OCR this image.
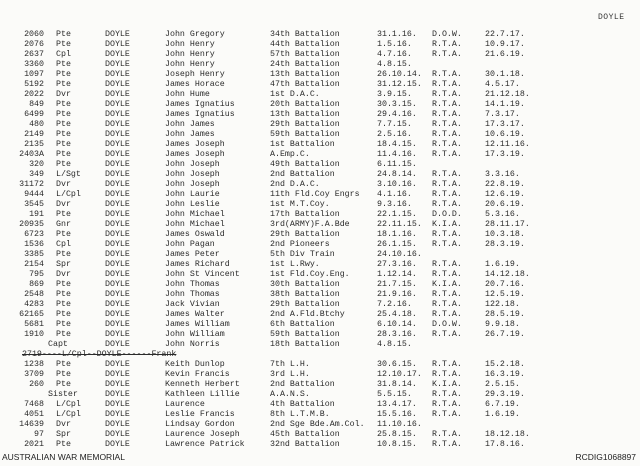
DOYLE
2060 Pte	DOYLE	John Gregory	34th Battalion	31.1.16. D.O.W.	22.7.17.
2076 Pte	DOYLE	John Henry	44th Battalion	1.5.16. R.T.A.	10.9.17.
2637 Cpl	DOYLE	John Henry	57th Battalion	4.7.16. R.T.A.	21.6.19.
3360 Pte	DOYLE	John Henry	24th Battalion	4.8.15.
1097 Pte	DOYLE	Joseph Henry	13th Battalion	26.10.14. R.T.A.	30.1.18.
5192 Pte	DOYLE	James Horace	47th Battalion	31.12.15. R.T.A.	4.5.17.
2022 Dvr	DOYLE	John Hume	1st D.A.C.	3.9.15. R.T.A.	21.12.18.
849 Pte	DOYLE	James Ignatius	20th Battalion	30.3.15. R.T.A.	14.1.19.
6499 Pte	DOYLE	James Ignatius	13th Battalion	29.4.16. R.T.A.	7.3.17.
480 Pte	DOYLE	John James	29th Battalion	7.7.15. R.T.A.	17.3.17.
2149 Pte	DOYLE	John James	59th Battalion	2.5.16. R.T.A.	10.6.19.
2135 Pte	DOYLE	James Joseph	1st Battalion	18.4.15. R.T.A.	12.11.16.
2403A Pte	DOYLE	James Joseph	A.Emp.C.	11.4.16. R.T.A.	17.3.19.
320 Pte	DOYLE	John Joseph	49th Battalion	6.11.15.
349 L/Sgt	DOYLE	John Joseph	2nd Battalion	24.8.14. R.T.A.	3.3.16.
31172 Dvr	DOYLE	John Joseph	2nd D.A.C.	3.10.16. R.T.A.	22.8.19.
9444 L/Cpl	DOYLE	John Laurie	11th Fld.Coy Engrs 4.1.16. R.T.A.	12.6.19.
3545 Dvr	DOYLE	John Leslie	1st M.T.Coy.	9.3.16. R.T.A.	20.6.19.
191 Pte	DOYLE	John Michael	17th Battalion	22.1.15. D.O.D.	5.3.16.
20935 Gnr	DOYLE	John Michael	3rd(ARMY)F.A.Bde	22.11.15. K.I.A.	28.11.17.
6723 Pte	DOYLE	James Oswald	29th Battalion	18.1.16. R.T.A.	10.3.18.
1536 Cpl	DOYLE	John Pagan	2nd Pioneers	26.1.15. R.T.A.	28.3.19.
3385 Pte	DOYLE	James Peter	5th Div Train	24.10.16.
2154 Spr	DOYLE	James Richard	1st L.Rwy.	27.3.16. R.T.A.	1.6.19.
795 Dvr	DOYLE	John St Vincent	1st Fld.Coy.Eng.	1.12.14. R.T.A.	14.12.18.
869 Pte	DOYLE	John Thomas	30th Battalion	21.7.15. K.I.A.	20.7.16.
2548 Pte	DOYLE	John Thomas	38th Battalion	21.9.16. R.T.A.	12.5.19.
4283 Pte	DOYLE	Jack Vivian	29th Battalion	7.2.16. R.T.A.	122.18.
62165 Pte	DOYLE	James Walter	2nd A.Fld.Btchy	25.4.18. R.T.A.	28.5.19.
5681 Pte	DOYLE	James William	6th Battalion	6.10.14. D.O.W.	9.9.18.
1910 Pte	DOYLE	John William	59th Battalion	28.3.16. R.T.A.	26.7.19.
Capt	DOYLE	John Norris	18th Battalion	4.8.15.
2719----L/Cpl--DOYLE------Frank
1238 Pte	DOYLE	Keith Dunlop	7th L.H.	30.6.15. R.T.A.	15.2.18.
3709 Pte	DOYLE	Kevin Francis	3rd L.H.	12.10.17. R.T.A.	16.3.19.
260 Pte	DOYLE	Kenneth Herbert	2nd Battalion	31.8.14. K.I.A.	2.5.15.
Sister	DOYLE	Kathleen Lillie	A.A.N.S.	5.5.15. R.T.A.	29.3.19.
7468 L/Cpl	DOYLE	Laurence	4th Battalion	13.4.17. R.T.A.	6.7.19.
4051 L/Cpl	DOYLE	Leslie Francis	8th L.T.M.B.	15.5.16. R.T.A.	1.6.19.
14639 Dvr	DOYLE	Lindsay Gordon	2nd Sge Bde.Am.Col. 11.10.16.
97 Spr	DOYLE	Laurence Joseph	45th Battalion	25.8.15. R.T.A.	18.12.18.
2021 Pte	DOYLE	Lawrence Patrick	32nd Battalion	10.8.15. R.T.A.	17.8.16.
AUSTRALIAN WAR MEMORIAL	RCDIG1068897
